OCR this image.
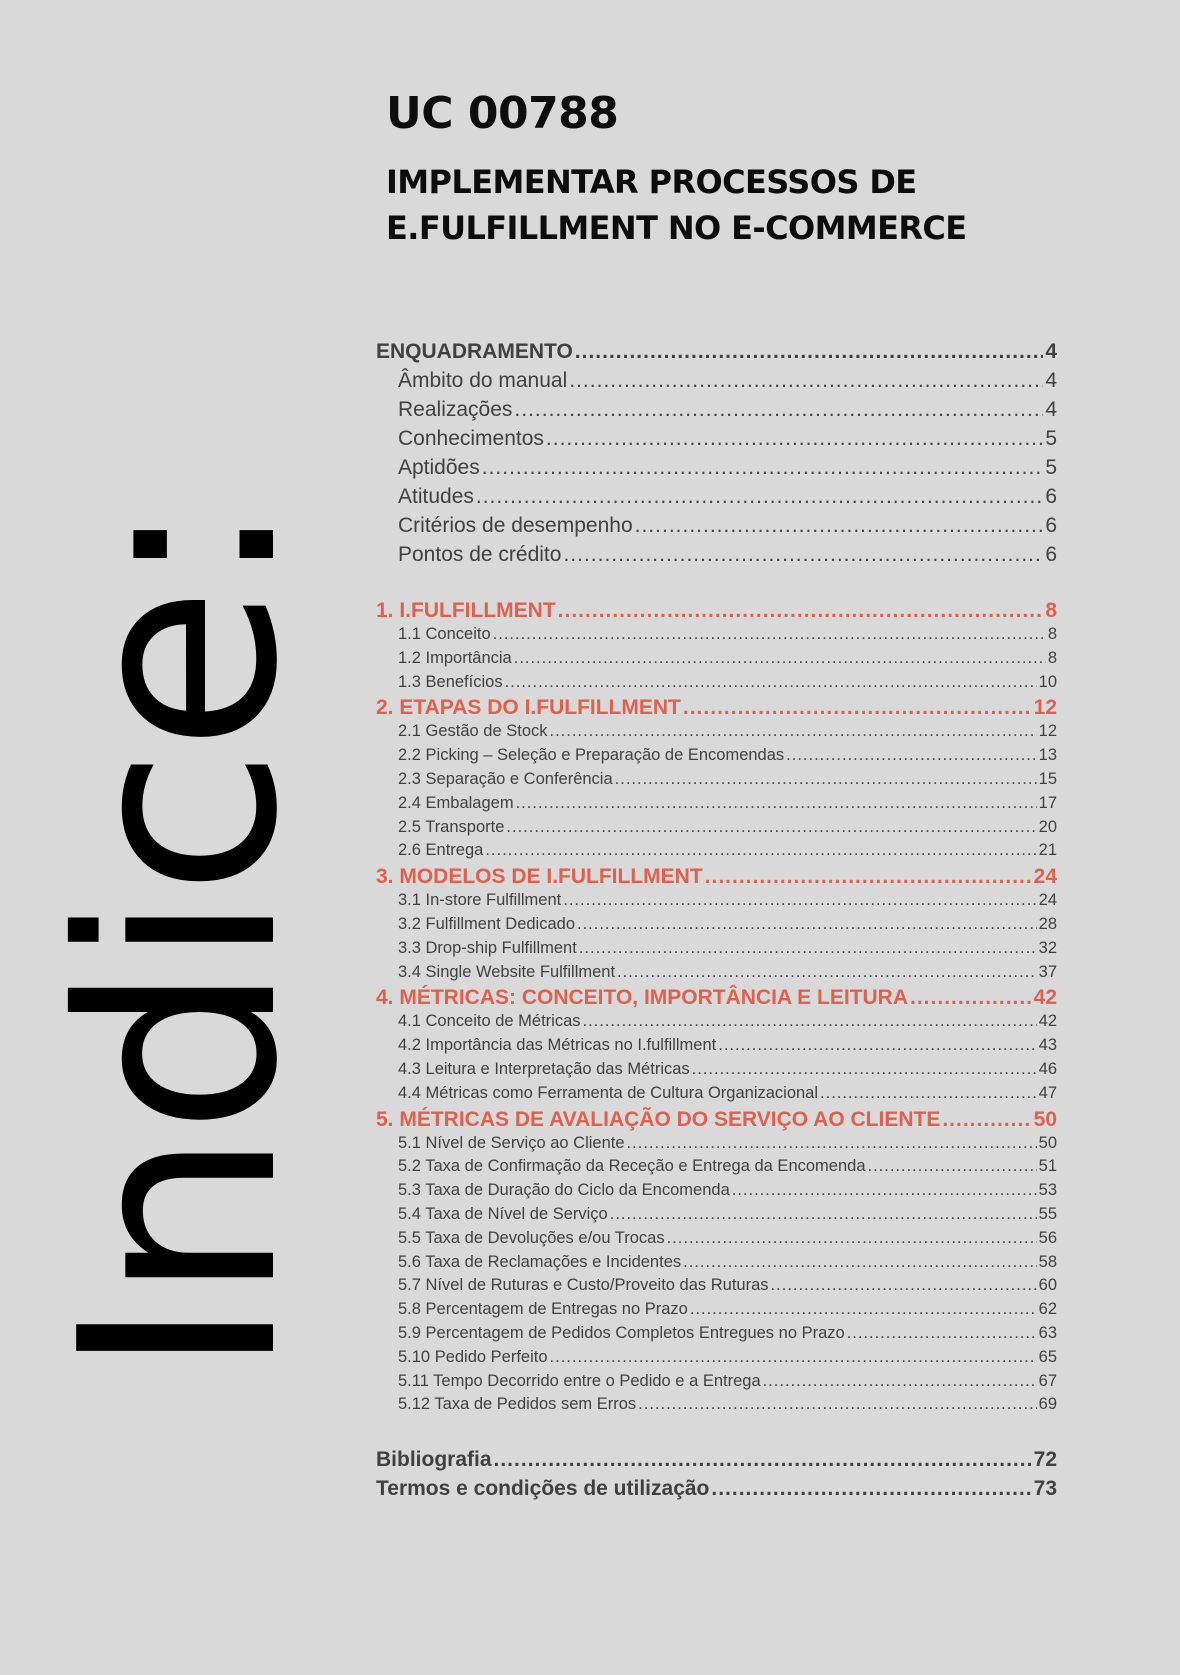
Indice:
UC 00788
IMPLEMENTAR PROCESSOS DE
E.FULFILLMENT NO E-COMMERCE
ENQUADRAMENTO .....	4
Âmbito do manual .....	4
Realizações .....	4
Conhecimentos .....	5
Aptidões .....	5
Atitudes .....	6
Critérios de desempenho .....	6
Pontos de crédito .....	6
1. I.FULFILLMENT .....	8
1.1 Conceito .....	8
1.2 Importância .....	8
1.3 Benefícios .....	10
2. ETAPAS DO I.FULFILLMENT .....	12
2.1 Gestão de Stock .....	12
2.2 Picking – Seleção e Preparação de Encomendas .....	13
2.3 Separação e Conferência .....	15
2.4 Embalagem .....	17
2.5 Transporte .....	20
2.6 Entrega .....	21
3. MODELOS DE I.FULFILLMENT .....	24
3.1 In-store Fulfillment .....	24
3.2 Fulfillment Dedicado .....	28
3.3 Drop-ship Fulfillment .....	32
3.4 Single Website Fulfillment .....	37
4. MÉTRICAS: CONCEITO, IMPORTÂNCIA E LEITURA .....	42
4.1 Conceito de Métricas .....	42
4.2 Importância das Métricas no I.fulfillment .....	43
4.3 Leitura e Interpretação das Métricas .....	46
4.4 Métricas como Ferramenta de Cultura Organizacional .....	47
5. MÉTRICAS DE AVALIAÇÃO DO SERVIÇO AO CLIENTE .....	50
5.1 Nível de Serviço ao Cliente .....	50
5.2 Taxa de Confirmação da Receção e Entrega da Encomenda .....	51
5.3 Taxa de Duração do Ciclo da Encomenda .....	53
5.4 Taxa de Nível de Serviço .....	55
5.5 Taxa de Devoluções e/ou Trocas .....	56
5.6 Taxa de Reclamações e Incidentes .....	58
5.7 Nível de Ruturas e Custo/Proveito das Ruturas .....	60
5.8 Percentagem de Entregas no Prazo .....	62
5.9 Percentagem de Pedidos Completos Entregues no Prazo .....	63
5.10 Pedido Perfeito .....	65
5.11 Tempo Decorrido entre o Pedido e a Entrega .....	67
5.12 Taxa de Pedidos sem Erros .....	69
Bibliografia .....	72
Termos e condições de utilização .....	73
